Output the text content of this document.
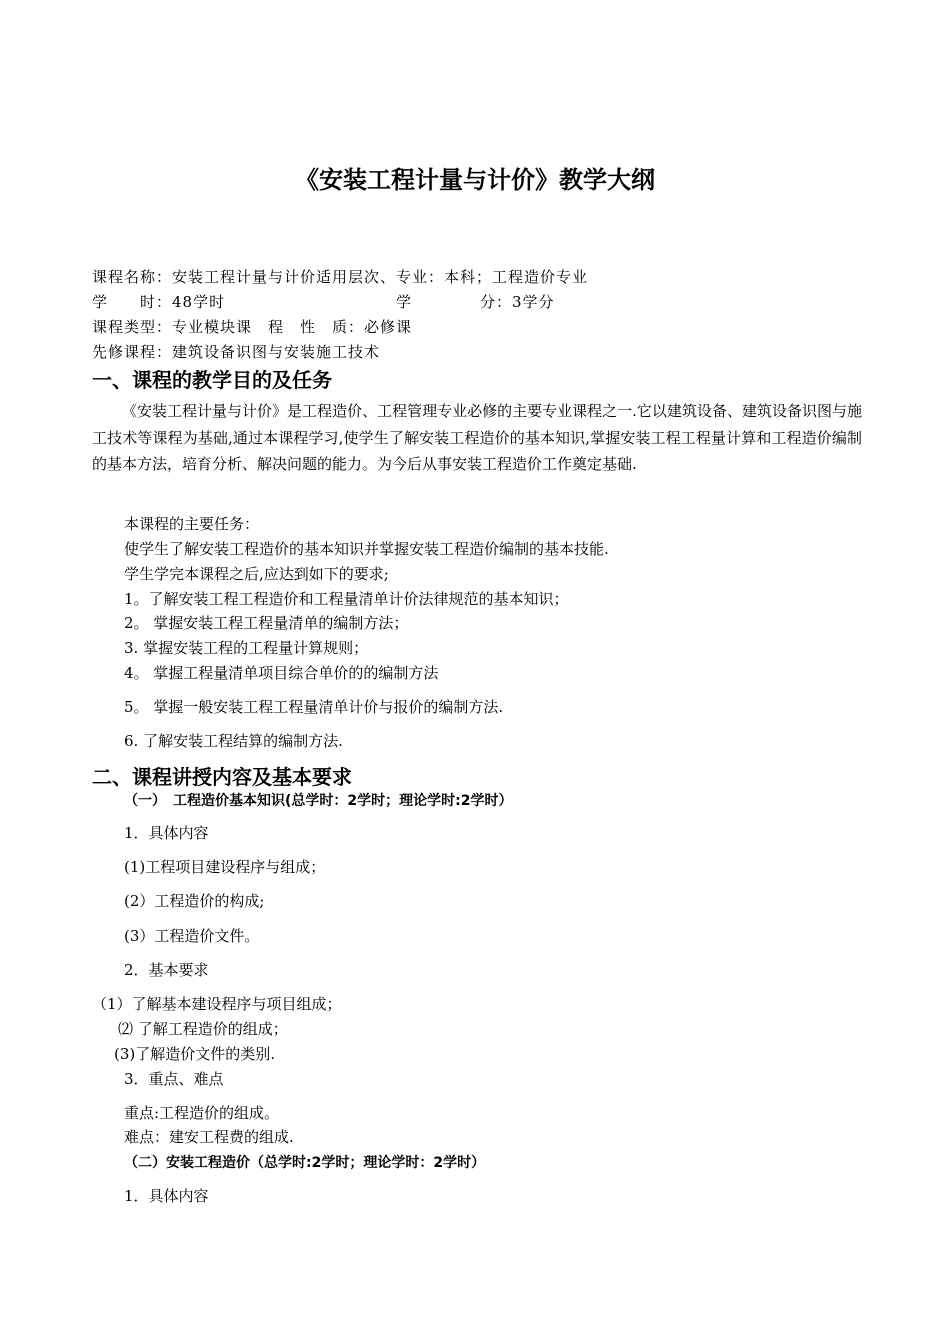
《安装工程计量与计价》教学大纲
课程名称：安装工程计量与计价适用层次、专业：本科；工程造价专业
学　　时：48学时	学	分：3学分
课程类型：专业模块课　程　性　质：必修课
先修课程：建筑设备识图与安装施工技术
一、课程的教学目的及任务

《安装工程计量与计价》是工程造价、工程管理专业必修的主要专业课程之一.它以建筑设备、建筑设备识图与施工技术等课程为基础,通过本课程学习,使学生了解安装工程造价的基本知识,掌握安装工程工程量计算和工程造价编制的基本方法，培育分析、解决问题的能力。为今后从事安装工程造价工作奠定基础.

本课程的主要任务：
使学生了解安装工程造价的基本知识并掌握安装工程造价编制的基本技能.
学生学完本课程之后,应达到如下的要求;
1。了解安装工程工程造价和工程量清单计价法律规范的基本知识；
2。 掌握安装工程工程量清单的编制方法；
3. 掌握安装工程的工程量计算规则；
4。 掌握工程量清单项目综合单价的的编制方法
5。 掌握一般安装工程工程量清单计价与报价的编制方法.
6. 了解安装工程结算的编制方法.
二、课程讲授内容及基本要求
（一）　工程造价基本知识(总学时：2学时；理论学时:2学时）
1．具体内容
(1)工程项目建设程序与组成；
(2）工程造价的构成;
(3）工程造价文件。
2．基本要求
（1）了解基本建设程序与项目组成；
⑵ 了解工程造价的组成；
(3)了解造价文件的类别.
3．重点、难点
重点:工程造价的组成。
难点：建安工程费的组成.
（二）安装工程造价（总学时:2学时；理论学时：2学时）
1．具体内容
